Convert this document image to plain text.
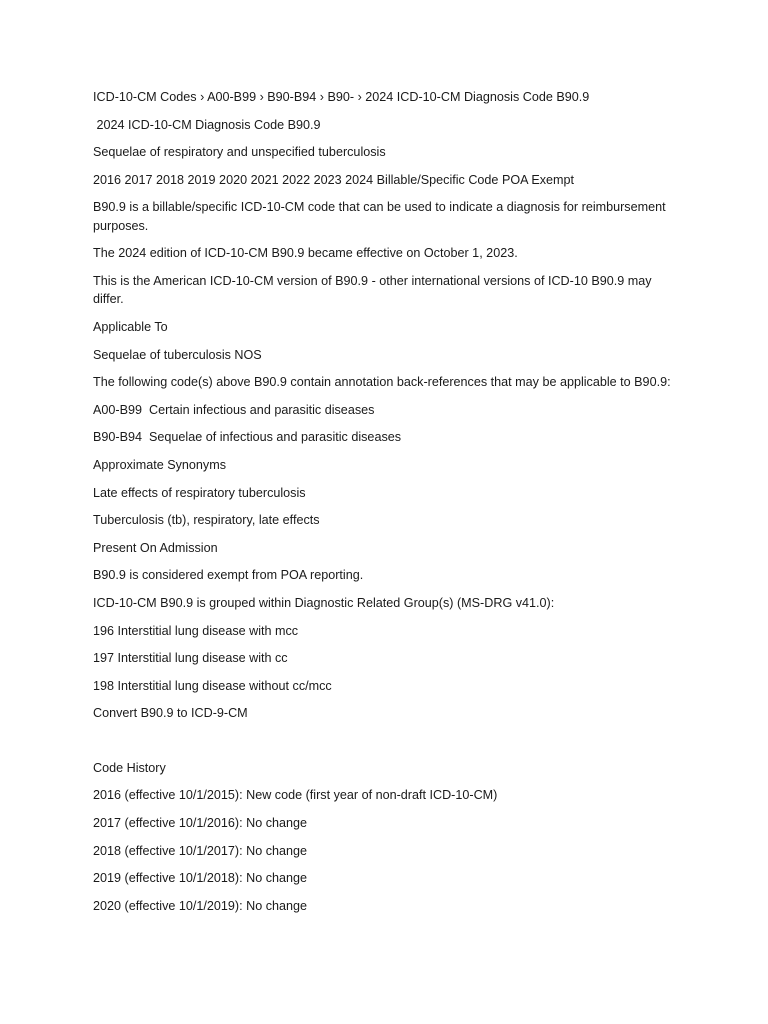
ICD-10-CM Codes › A00-B99 › B90-B94 › B90- › 2024 ICD-10-CM Diagnosis Code B90.9

2024 ICD-10-CM Diagnosis Code B90.9

Sequelae of respiratory and unspecified tuberculosis

2016 2017 2018 2019 2020 2021 2022 2023 2024 Billable/Specific Code POA Exempt

B90.9 is a billable/specific ICD-10-CM code that can be used to indicate a diagnosis for reimbursement purposes.

The 2024 edition of ICD-10-CM B90.9 became effective on October 1, 2023.

This is the American ICD-10-CM version of B90.9 - other international versions of ICD-10 B90.9 may differ.

Applicable To

Sequelae of tuberculosis NOS

The following code(s) above B90.9 contain annotation back-references that may be applicable to B90.9:

A00-B99  Certain infectious and parasitic diseases

B90-B94  Sequelae of infectious and parasitic diseases

Approximate Synonyms

Late effects of respiratory tuberculosis

Tuberculosis (tb), respiratory, late effects

Present On Admission

B90.9 is considered exempt from POA reporting.

ICD-10-CM B90.9 is grouped within Diagnostic Related Group(s) (MS-DRG v41.0):

196 Interstitial lung disease with mcc

197 Interstitial lung disease with cc

198 Interstitial lung disease without cc/mcc

Convert B90.9 to ICD-9-CM

Code History

2016 (effective 10/1/2015): New code (first year of non-draft ICD-10-CM)

2017 (effective 10/1/2016): No change

2018 (effective 10/1/2017): No change

2019 (effective 10/1/2018): No change

2020 (effective 10/1/2019): No change
